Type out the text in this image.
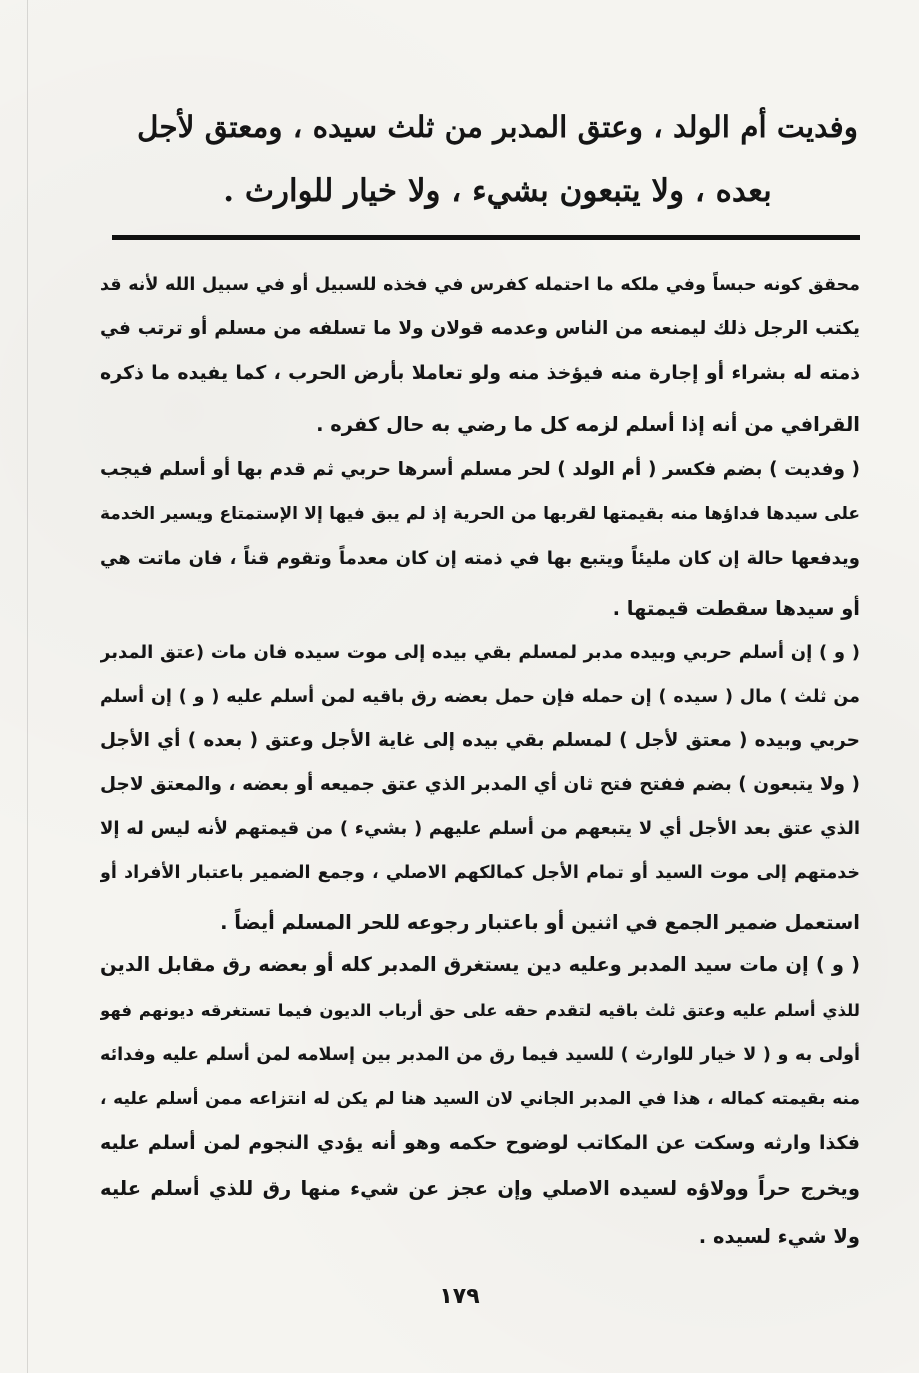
وفديت أم الولد ، وعتق المدبر من ثلث سيده ، ومعتق لأجل
بعده ، ولا يتبعون بشيء ، ولا خيار للوارث .
محقق كونه حبساً وفي ملكه ما احتمله كفرس في فخذه للسبيل أو في سبيل الله لأنه قد
يكتب الرجل ذلك ليمنعه من الناس وعدمه قولان ولا ما تسلفه من مسلم أو ترتب في
ذمته له بشراء أو إجارة منه فيؤخذ منه ولو تعاملا بأرض الحرب ، كما يفيده ما ذكره
القرافي من أنه إذا أسلم لزمه كل ما رضي به حال كفره .
( وفديت ) بضم فكسر ( أم الولد ) لحر مسلم أسرها حربي ثم قدم بها أو أسلم فيجب
على سيدها فداؤها منه بقيمتها لقربها من الحرية إذ لم يبق فيها إلا الإستمتاع ويسير الخدمة
ويدفعها حالة إن كان مليئاً ويتبع بها في ذمته إن كان معدماً وتقوم قناً ، فان ماتت هي
أو سيدها سقطت قيمتها .
( و ) إن أسلم حربي وبيده مدبر لمسلم بقي بيده إلى موت سيده فان مات (عتق المدبر
من ثلث ) مال ( سيده ) إن حمله فإن حمل بعضه رق باقيه لمن أسلم عليه ( و ) إن أسلم
حربي وبيده ( معتق لأجل ) لمسلم بقي بيده إلى غاية الأجل وعتق ( بعده ) أي الأجل
( ولا يتبعون ) بضم ففتح فتح ثان أي المدبر الذي عتق جميعه أو بعضه ، والمعتق لاجل
الذي عتق بعد الأجل أي لا يتبعهم من أسلم عليهم ( بشيء ) من قيمتهم لأنه ليس له إلا
خدمتهم إلى موت السيد أو تمام الأجل كمالكهم الاصلي ، وجمع الضمير باعتبار الأفراد أو
استعمل ضمير الجمع في اثنين أو باعتبار رجوعه للحر المسلم أيضاً .
( و ) إن مات سيد المدبر وعليه دين يستغرق المدبر كله أو بعضه رق مقابل الدين
للذي أسلم عليه وعتق ثلث باقيه لتقدم حقه على حق أرباب الديون فيما تستغرقه ديونهم فهو
أولى به و ( لا خيار للوارث ) للسيد فيما رق من المدبر بين إسلامه لمن أسلم عليه وفدائه
منه بقيمته كماله ، هذا في المدبر الجاني لان السيد هنا لم يكن له انتزاعه ممن أسلم عليه ،
فكذا وارثه وسكت عن المكاتب لوضوح حكمه وهو أنه يؤدي النجوم لمن أسلم عليه
ويخرج حراً وولاؤه لسيده الاصلي وإن عجز عن شيء منها رق للذي أسلم عليه
ولا شيء لسيده .
١٧٩
